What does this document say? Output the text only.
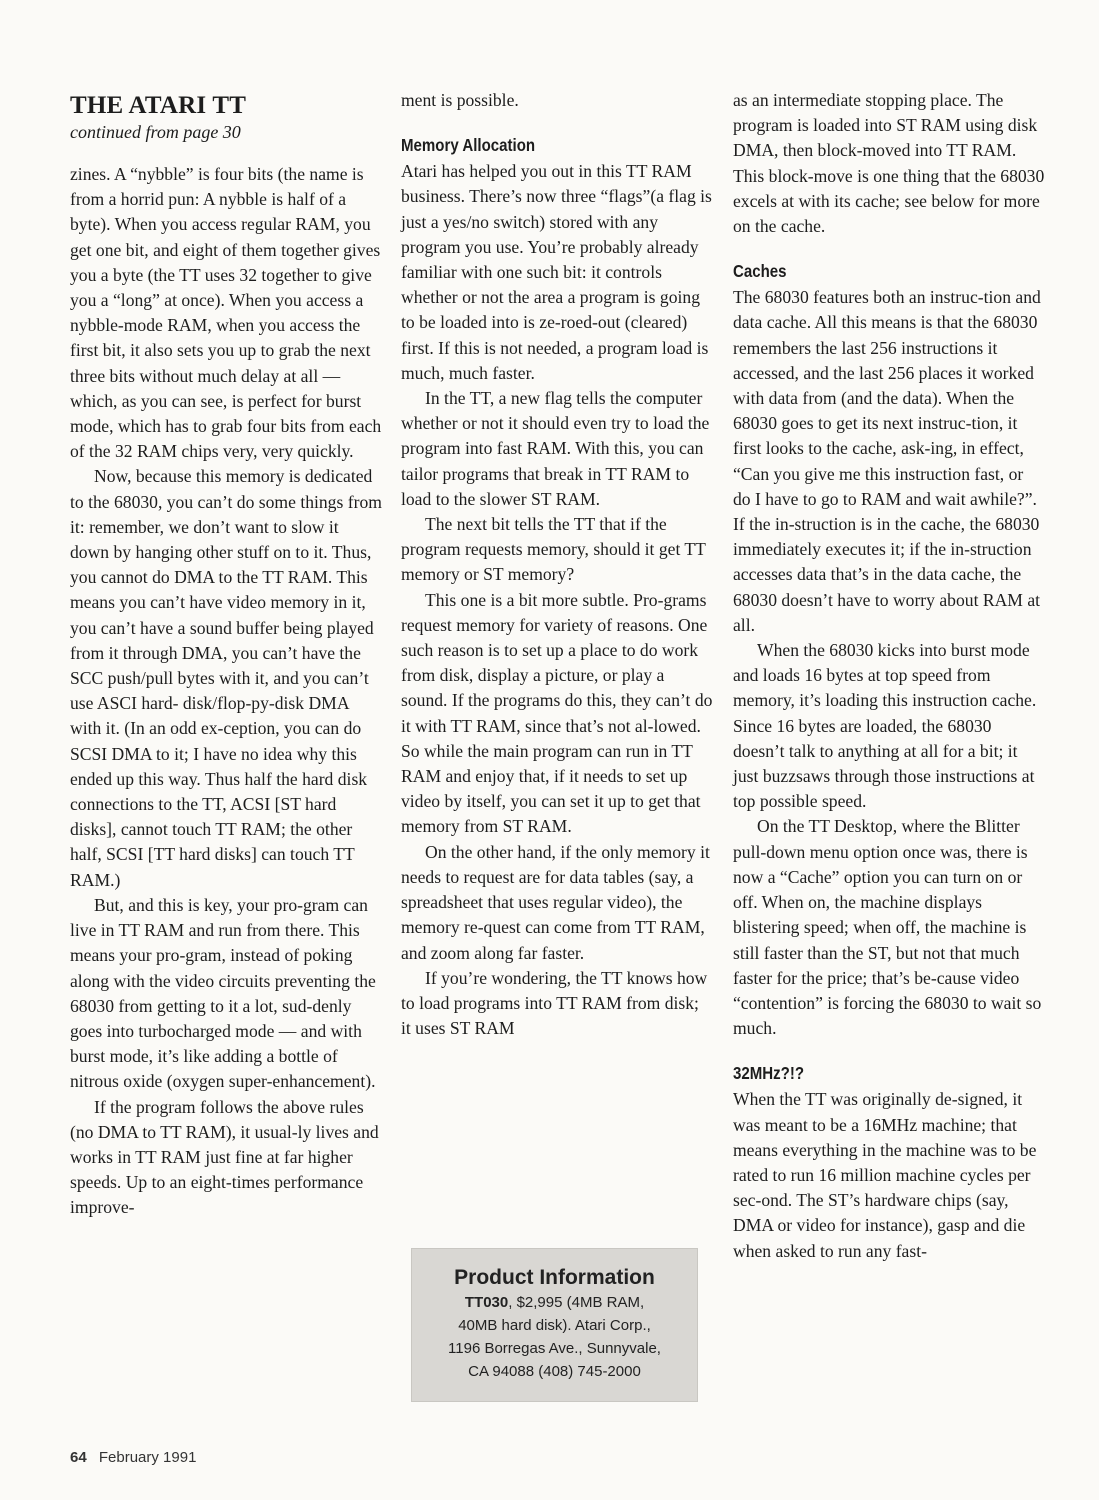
THE ATARI TT
continued from page 30

zines. A “nybble” is four bits (the name is from a horrid pun: A nybble is half of a byte). When you access regular RAM, you get one bit, and eight of them together gives you a byte (the TT uses 32 together to give you a “long” at once). When you access a nybble-mode RAM, when you access the first bit, it also sets you up to grab the next three bits without much delay at all — which, as you can see, is perfect for burst mode, which has to grab four bits from each of the 32 RAM chips very, very quickly.

Now, because this memory is dedicated to the 68030, you can’t do some things from it: remember, we don’t want to slow it down by hanging other stuff on to it. Thus, you cannot do DMA to the TT RAM. This means you can’t have video memory in it, you can’t have a sound buffer being played from it through DMA, you can’t have the SCC push/pull bytes with it, and you can’t use ASCI hard- disk/flop-py-disk DMA with it. (In an odd ex-ception, you can do SCSI DMA to it; I have no idea why this ended up this way. Thus half the hard disk connections to the TT, ACSI [ST hard disks], cannot touch TT RAM; the other half, SCSI [TT hard disks] can touch TT RAM.)

But, and this is key, your pro-gram can live in TT RAM and run from there. This means your pro-gram, instead of poking along with the video circuits preventing the 68030 from getting to it a lot, sud-denly goes into turbocharged mode — and with burst mode, it’s like adding a bottle of nitrous oxide (oxygen super-enhancement).

If the program follows the above rules (no DMA to TT RAM), it usual-ly lives and works in TT RAM just fine at far higher speeds. Up to an eight-times performance improve-

ment is possible.

Memory Allocation

Atari has helped you out in this TT RAM business. There’s now three “flags”(a flag is just a yes/no switch) stored with any program you use. You’re probably already familiar with one such bit: it controls whether or not the area a program is going to be loaded into is ze-roed-out (cleared) first. If this is not needed, a program load is much, much faster.

In the TT, a new flag tells the computer whether or not it should even try to load the program into fast RAM. With this, you can tailor programs that break in TT RAM to load to the slower ST RAM.

The next bit tells the TT that if the program requests memory, should it get TT memory or ST memory?

This one is a bit more subtle. Pro-grams request memory for variety of reasons. One such reason is to set up a place to do work from disk, display a picture, or play a sound. If the programs do this, they can’t do it with TT RAM, since that’s not al-lowed. So while the main program can run in TT RAM and enjoy that, if it needs to set up video by itself, you can set it up to get that memory from ST RAM.

On the other hand, if the only memory it needs to request are for data tables (say, a spreadsheet that uses regular video), the memory re-quest can come from TT RAM, and zoom along far faster.

If you’re wondering, the TT knows how to load programs into TT RAM from disk; it uses ST RAM

Product Information
TT030, $2,995 (4MB RAM,
40MB hard disk). Atari Corp.,
1196 Borregas Ave., Sunnyvale,
CA 94088 (408) 745-2000

as an intermediate stopping place. The program is loaded into ST RAM using disk DMA, then block-moved into TT RAM. This block-move is one thing that the 68030 excels at with its cache; see below for more on the cache.

Caches

The 68030 features both an instruc-tion and data cache. All this means is that the 68030 remembers the last 256 instructions it accessed, and the last 256 places it worked with data from (and the data). When the 68030 goes to get its next instruc-tion, it first looks to the cache, ask-ing, in effect, “Can you give me this instruction fast, or do I have to go to RAM and wait awhile?”. If the in-struction is in the cache, the 68030 immediately executes it; if the in-struction accesses data that’s in the data cache, the 68030 doesn’t have to worry about RAM at all.

When the 68030 kicks into burst mode and loads 16 bytes at top speed from memory, it’s loading this instruction cache. Since 16 bytes are loaded, the 68030 doesn’t talk to anything at all for a bit; it just buzzsaws through those instructions at top possible speed.

On the TT Desktop, where the Blitter pull-down menu option once was, there is now a “Cache” option you can turn on or off. When on, the machine displays blistering speed; when off, the machine is still faster than the ST, but not that much faster for the price; that’s be-cause video “contention” is forcing the 68030 to wait so much.

32MHz?!?

When the TT was originally de-signed, it was meant to be a 16MHz machine; that means everything in the machine was to be rated to run 16 million machine cycles per sec-ond. The ST’s hardware chips (say, DMA or video for instance), gasp and die when asked to run any fast-

64 February 1991
